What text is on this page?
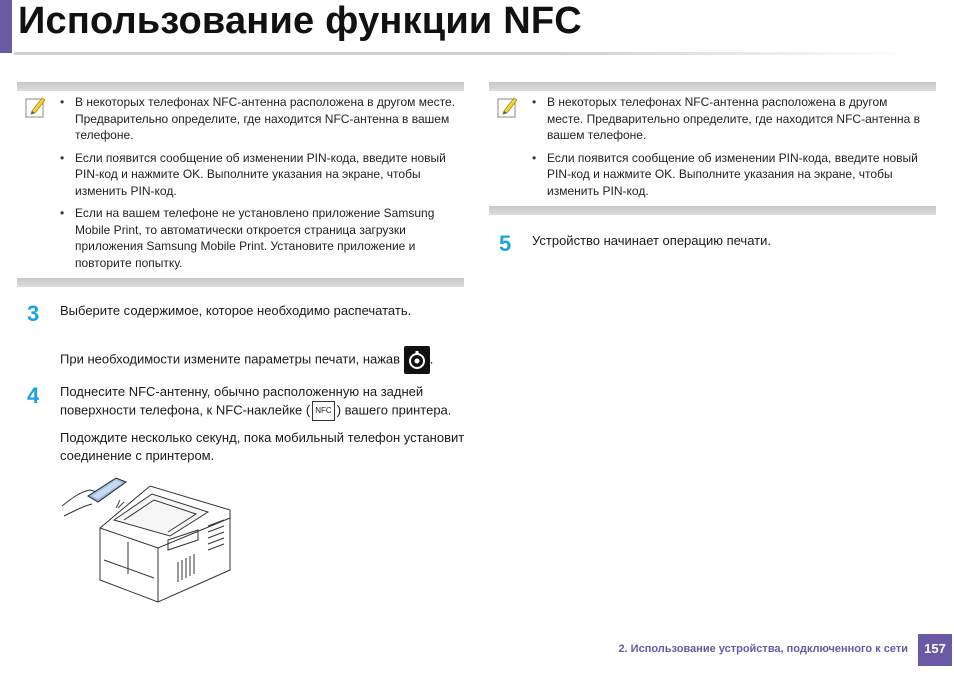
Использование функции NFC
• В некоторых телефонах NFC-антенна расположена в другом месте. Предварительно определите, где находится NFC-антенна в вашем телефоне.
• Если появится сообщение об изменении PIN-кода, введите новый PIN-код и нажмите OK. Выполните указания на экране, чтобы изменить PIN-код.
• Если на вашем телефоне не установлено приложение Samsung Mobile Print, то автоматически откроется страница загрузки приложения Samsung Mobile Print. Установите приложение и повторите попытку.
• В некоторых телефонах NFC-антенна расположена в другом месте. Предварительно определите, где находится NFC-антенна в вашем телефоне.
• Если появится сообщение об изменении PIN-кода, введите новый PIN-код и нажмите OK. Выполните указания на экране, чтобы изменить PIN-код.
3 Выберите содержимое, которое необходимо распечатать.

При необходимости измените параметры печати, нажав .

4 Поднесите NFC-антенну, обычно расположенную на задней поверхности телефона, к NFC-наклейке ( NFC ) вашего принтера.

Подождите несколько секунд, пока мобильный телефон установит соединение с принтером.

5 Устройство начинает операцию печати.

2. Использование устройства, подключенного к сети	157
